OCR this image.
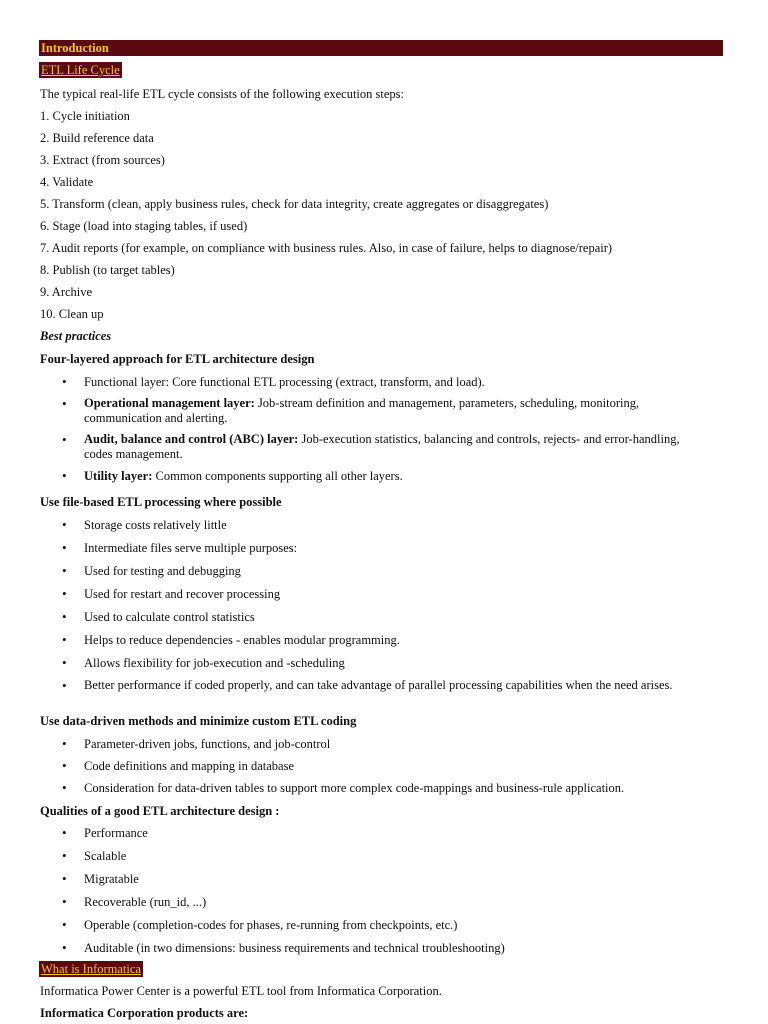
Introduction
ETL Life Cycle
The typical real-life ETL cycle consists of the following execution steps:
1. Cycle initiation
2. Build reference data
3. Extract (from sources)
4. Validate
5. Transform (clean, apply business rules, check for data integrity, create aggregates or disaggregates)
6. Stage (load into staging tables, if used)
7. Audit reports (for example, on compliance with business rules. Also, in case of failure, helps to diagnose/repair)
8. Publish (to target tables)
9. Archive
10. Clean up
Best practices
Four-layered approach for ETL architecture design
• Functional layer: Core functional ETL processing (extract, transform, and load).
• Operational management layer: Job-stream definition and management, parameters, scheduling, monitoring, communication and alerting.
• Audit, balance and control (ABC) layer: Job-execution statistics, balancing and controls, rejects- and error-handling, codes management.
• Utility layer: Common components supporting all other layers.
Use file-based ETL processing where possible
• Storage costs relatively little
• Intermediate files serve multiple purposes:
• Used for testing and debugging
• Used for restart and recover processing
• Used to calculate control statistics
• Helps to reduce dependencies - enables modular programming.
• Allows flexibility for job-execution and -scheduling
• Better performance if coded properly, and can take advantage of parallel processing capabilities when the need arises.
Use data-driven methods and minimize custom ETL coding
• Parameter-driven jobs, functions, and job-control
• Code definitions and mapping in database
• Consideration for data-driven tables to support more complex code-mappings and business-rule application.
Qualities of a good ETL architecture design :
• Performance
• Scalable
• Migratable
• Recoverable (run_id, ...)
• Operable (completion-codes for phases, re-running from checkpoints, etc.)
• Auditable (in two dimensions: business requirements and technical troubleshooting)
What is Informatica
Informatica Power Center is a powerful ETL tool from Informatica Corporation.
Informatica Corporation products are:
